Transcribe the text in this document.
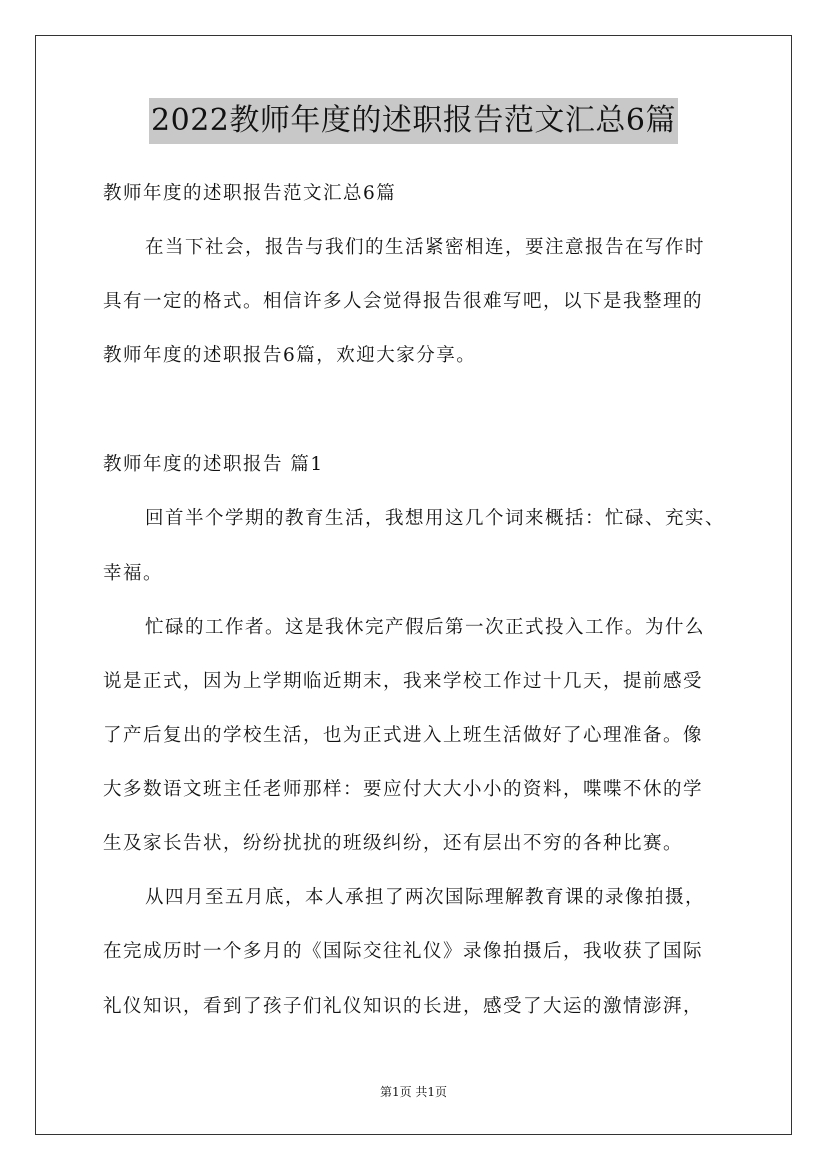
2022教师年度的述职报告范文汇总6篇
教师年度的述职报告范文汇总6篇
在当下社会，报告与我们的生活紧密相连，要注意报告在写作时
具有一定的格式。相信许多人会觉得报告很难写吧，以下是我整理的
教师年度的述职报告6篇，欢迎大家分享。
教师年度的述职报告 篇1
回首半个学期的教育生活，我想用这几个词来概括：忙碌、充实、
幸福。
忙碌的工作者。这是我休完产假后第一次正式投入工作。为什么
说是正式，因为上学期临近期末，我来学校工作过十几天，提前感受
了产后复出的学校生活，也为正式进入上班生活做好了心理准备。像
大多数语文班主任老师那样：要应付大大小小的资料，喋喋不休的学
生及家长告状，纷纷扰扰的班级纠纷，还有层出不穷的各种比赛。
从四月至五月底，本人承担了两次国际理解教育课的录像拍摄，
在完成历时一个多月的《国际交往礼仪》录像拍摄后，我收获了国际
礼仪知识，看到了孩子们礼仪知识的长进，感受了大运的激情澎湃，
第1页 共1页
